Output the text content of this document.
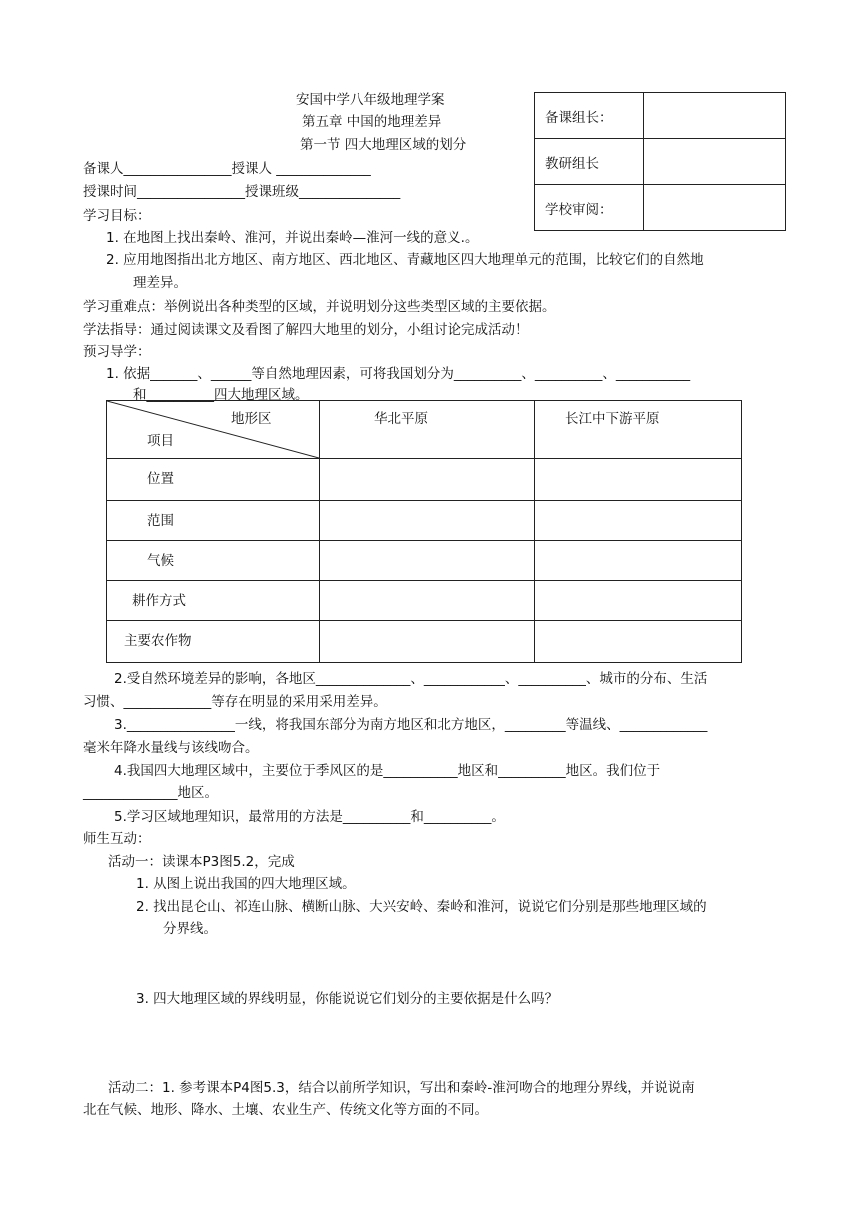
安国中学八年级地理学案
第五章 中国的地理差异
第一节 四大地理区域的划分
备课组长：	
教研组长	
学校审阅：	
备课人________________授课人 ______________
授课时间________________授课班级_______________
学习目标：
1. 在地图上找出秦岭、淮河，并说出秦岭—淮河一线的意义.。
2. 应用地图指出北方地区、南方地区、西北地区、青藏地区四大地理单元的范围，比较它们的自然地
理差异。
学习重难点：举例说出各种类型的区域，并说明划分这些类型区域的主要依据。
学法指导：通过阅读课文及看图了解四大地里的划分，小组讨论完成活动！
预习导学：
1. 依据_______、______等自然地理因素，可将我国划分为__________、__________、___________
和__________四大地理区域。
地形区
项目	华北平原	长江中下游平原

位置		
范围		
气候		
耕作方式		
主要农作物		
2.受自然环境差异的影响，各地区______________、____________、__________、城市的分布、生活
习惯、_____________等存在明显的采用采用差异。
3.________________一线，将我国东部分为南方地区和北方地区，_________等温线、_____________
毫米年降水量线与该线吻合。
4.我国四大地理区域中，主要位于季风区的是___________地区和__________地区。我们位于
______________地区。
5.学习区域地理知识，最常用的方法是__________和__________。
师生互动：
活动一：读课本P3图5.2，完成
1. 从图上说出我国的四大地理区域。
2. 找出昆仑山、祁连山脉、横断山脉、大兴安岭、秦岭和淮河，说说它们分别是那些地理区域的
分界线。
3. 四大地理区域的界线明显，你能说说它们划分的主要依据是什么吗？
活动二：1. 参考课本P4图5.3，结合以前所学知识，写出和秦岭-淮河吻合的地理分界线，并说说南
北在气候、地形、降水、土壤、农业生产、传统文化等方面的不同。
